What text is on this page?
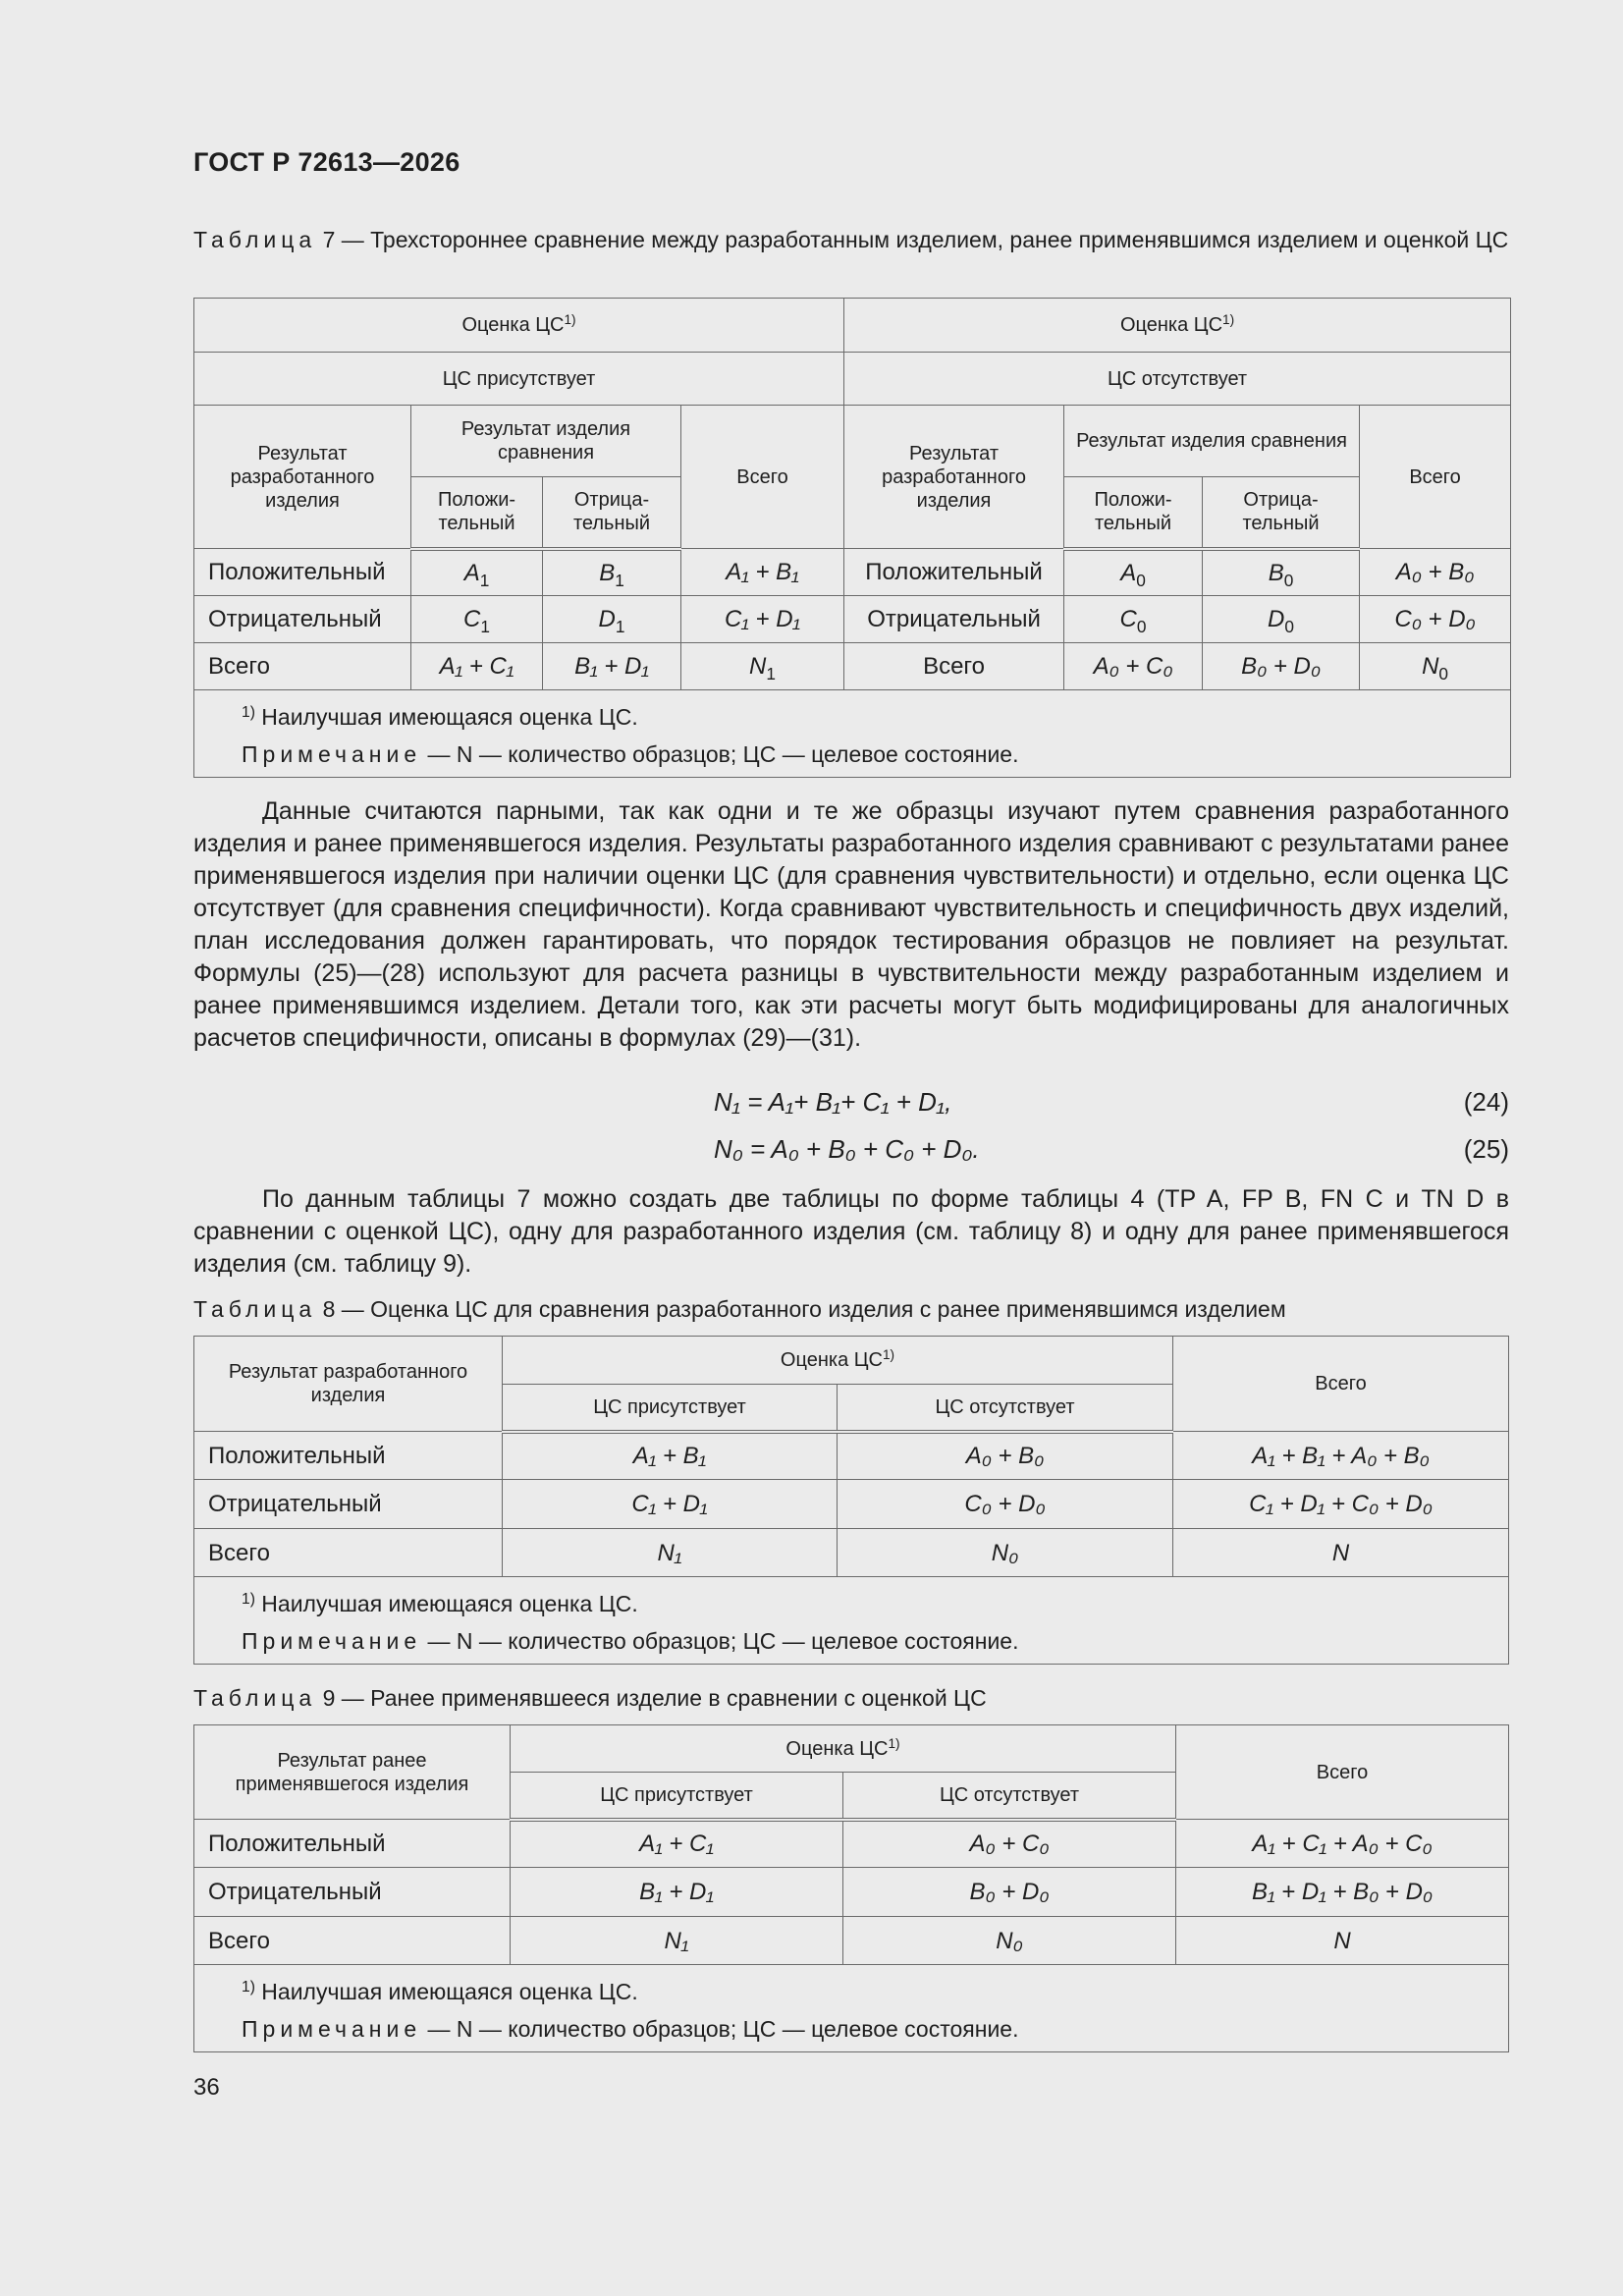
ГОСТ Р 72613—2026
Таблица 7 — Трехстороннее сравнение между разработанным изделием, ранее применявшимся изделием и оценкой ЦС
Оценка ЦС$^{1)}$				Оценка ЦС$^{1)}$
ЦС присутствует				ЦС отсутствует			
Результат разработанного изделия	Результат изделия сравнения		Всего	Результат разработанного изделия	Результат изделия сравнения		Всего
	Положи-тельный	Отрица-тельный			Положи-тельный	Отрица-тельный	
Положительный	$A_1$	$B_1$	A₁ + B₁	Положительный	$A_0$	$B_0$	A₀ + B₀
Отрицательный	$C_1$	$D_1$	C₁ + D₁	Отрицательный	$C_0$	$D_0$	C₀ + D₀
Всего	A₁ + C₁	B₁ + D₁	$N_1$	Всего	A₀ + C₀	B₀ + D₀	$N_0$

$^{1)}$ Наилучшая имеющаяся оценка ЦС.
Примечание — N — количество образцов; ЦС — целевое состояние.							

Данные считаются парными, так как одни и те же образцы изучают путем сравнения разработанного изделия и ранее применявшегося изделия. Результаты разработанного изделия сравнивают с результатами ранее применявшегося изделия при наличии оценки ЦС (для сравнения чувствительности) и отдельно, если оценка ЦС отсутствует (для сравнения специфичности). Когда сравнивают чувствительность и специфичность двух изделий, план исследования должен гарантировать, что порядок тестирования образцов не повлияет на результат. Формулы (25)—(28) используют для расчета разницы в чувствительности между разработанным изделием и ранее применявшимся изделием. Детали того, как эти расчеты могут быть модифицированы для аналогичных расчетов специфичности, описаны в формулах (29)—(31).

N₁ = A₁+ B₁+ C₁ + D₁,	(24)
N₀ = A₀ + B₀ + C₀ + D₀.	(25)

По данным таблицы 7 можно создать две таблицы по форме таблицы 4 (TP A, FP B, FN C и TN D в сравнении с оценкой ЦС), одну для разработанного изделия (см. таблицу 8) и одну для ранее применявшегося изделия (см. таблицу 9).

Таблица 8 — Оценка ЦС для сравнения разработанного изделия с ранее применявшимся изделием
Результат разработанного изделия	Оценка ЦС$^{1)}$		Всего
	ЦС присутствует	ЦС отсутствует	
Положительный	A₁ + B₁	A₀ + B₀	A₁ + B₁ + A₀ + B₀
Отрицательный	C₁ + D₁	C₀ + D₀	C₁ + D₁ + C₀ + D₀
Всего	N₁	N₀	N

$^{1)}$ Наилучшая имеющаяся оценка ЦС.
Примечание — N — количество образцов; ЦС — целевое состояние.			
Таблица 9 — Ранее применявшееся изделие в сравнении с оценкой ЦС
Результат ранее применявшегося изделия	Оценка ЦС$^{1)}$		Всего
	ЦС присутствует	ЦС отсутствует	
Положительный	A₁ + C₁	A₀ + C₀	A₁ + C₁ + A₀ + C₀
Отрицательный	B₁ + D₁	B₀ + D₀	B₁ + D₁ + B₀ + D₀
Всего	N₁	N₀	N

$^{1)}$ Наилучшая имеющаяся оценка ЦС.
Примечание — N — количество образцов; ЦС — целевое состояние.			
36
